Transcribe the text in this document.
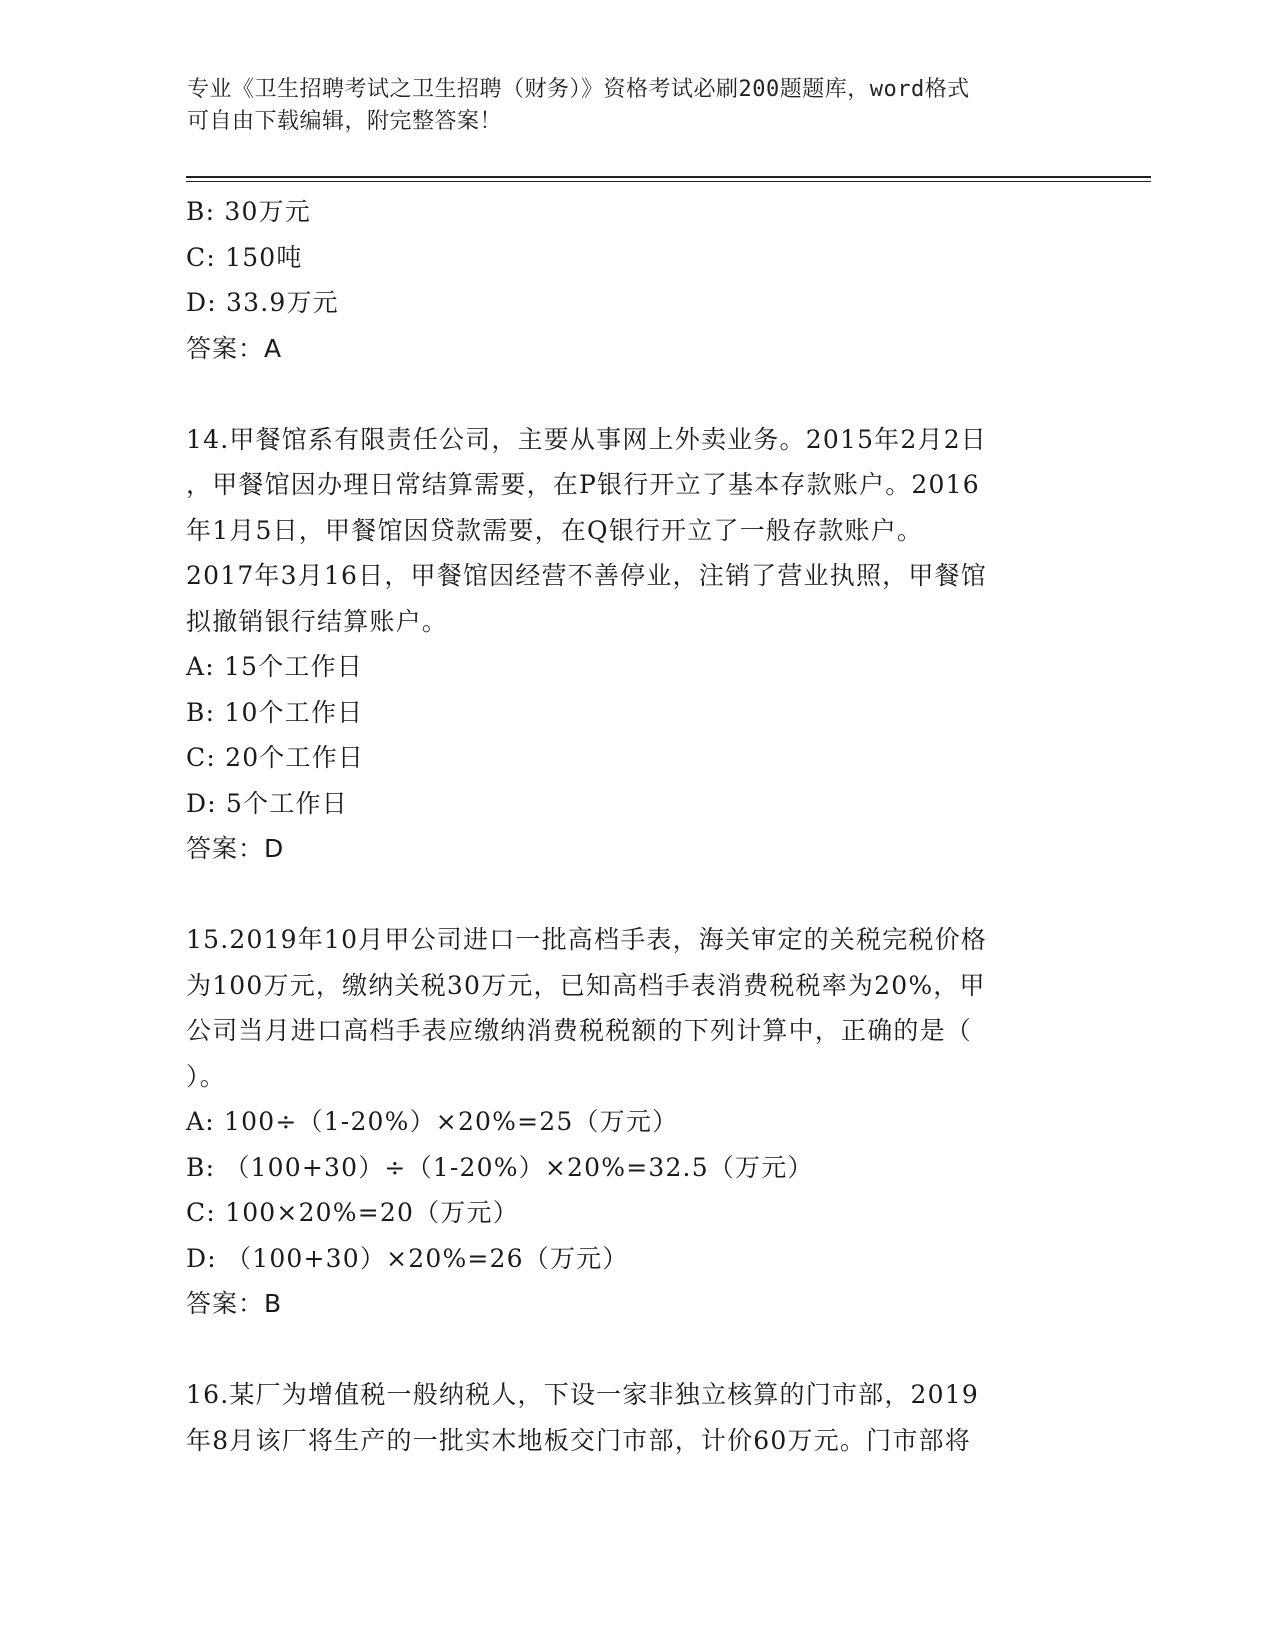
专业《卫生招聘考试之卫生招聘（财务）》资格考试必刷200题题库，word格式
可自由下载编辑，附完整答案！
B: 30万元
C: 150吨
D: 33.9万元
答案：A
14.甲餐馆系有限责任公司，主要从事网上外卖业务。2015年2月2日
，甲餐馆因办理日常结算需要，在P银行开立了基本存款账户。2016
年1月5日，甲餐馆因贷款需要，在Q银行开立了一般存款账户。
2017年3月16日，甲餐馆因经营不善停业，注销了营业执照，甲餐馆
拟撤销银行结算账户。
A: 15个工作日
B: 10个工作日
C: 20个工作日
D: 5个工作日
答案：D
15.2019年10月甲公司进口一批高档手表，海关审定的关税完税价格
为100万元，缴纳关税30万元，已知高档手表消费税税率为20%，甲
公司当月进口高档手表应缴纳消费税税额的下列计算中，正确的是（
）。
A: 100÷（1-20%）×20%=25（万元）
B: （100+30）÷（1-20%）×20%=32.5（万元）
C: 100×20%=20（万元）
D: （100+30）×20%=26（万元）
答案：B
16.某厂为增值税一般纳税人，下设一家非独立核算的门市部，2019
年8月该厂将生产的一批实木地板交门市部，计价60万元。门市部将
